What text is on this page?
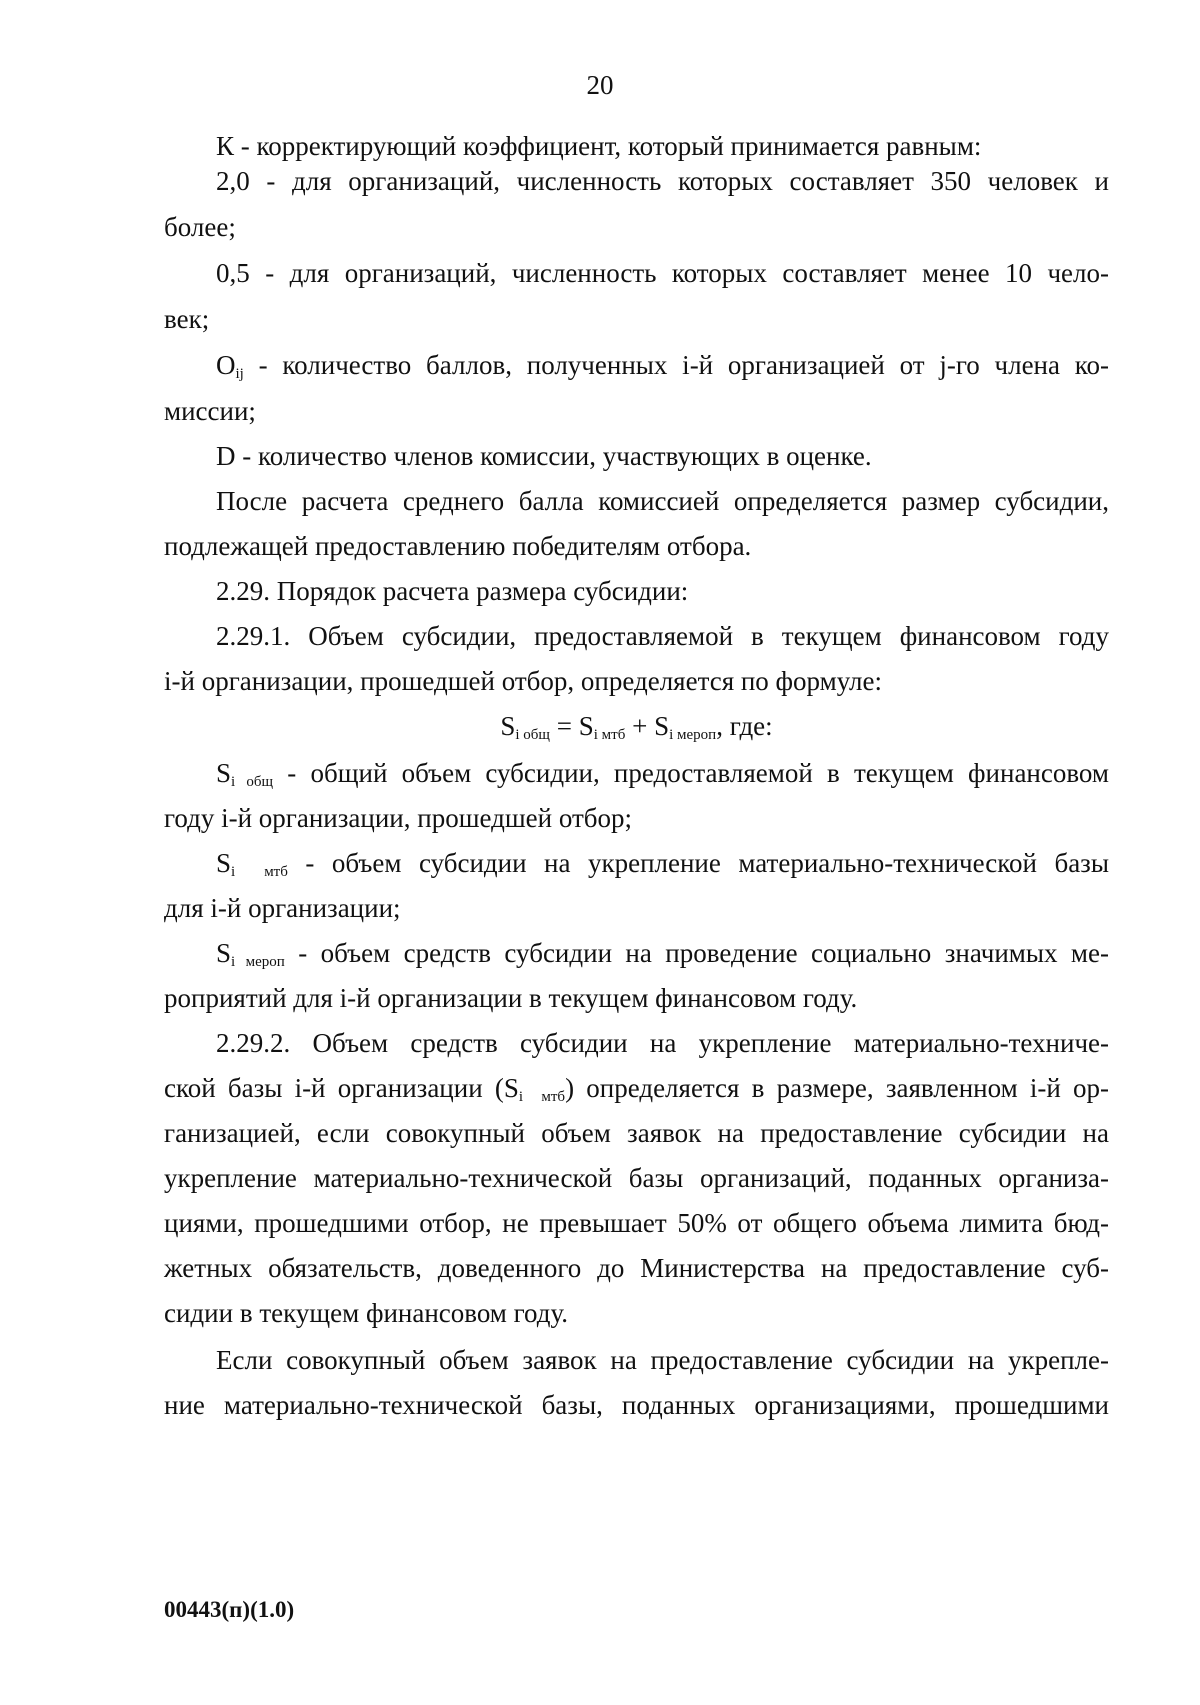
20

К - корректирующий коэффициент, который принимается равным:

2,0 - для организаций, численность которых составляет 350 человек и

более;

0,5 - для организаций, численность которых составляет менее 10 чело-

век;

$O_{ij}$ - количество баллов, полученных i-й организацией от j-го члена ко-

миссии;

D - количество членов комиссии, участвующих в оценке.

После расчета среднего балла комиссией определяется размер субсидии,

подлежащей предоставлению победителям отбора.

2.29. Порядок расчета размера субсидии:

2.29.1. Объем субсидии, предоставляемой в текущем финансовом году

i-й организации, прошедшей отбор, определяется по формуле:

$S_{i общ} = S_{i мтб} + S_{i мероп}$, где:

$S_{i общ}$ - общий объем субсидии, предоставляемой в текущем финансовом

году i-й организации, прошедшей отбор;

$S_{i мтб}$ - объем субсидии на укрепление материально-технической базы

для i-й организации;

$S_{i мероп}$ - объем средств субсидии на проведение социально значимых ме-

роприятий для i-й организации в текущем финансовом году.

2.29.2. Объем средств субсидии на укрепление материально-техниче-

ской базы i-й организации $(S_{i мтб})$ определяется в размере, заявленном i-й ор-

ганизацией, если совокупный объем заявок на предоставление субсидии на

укрепление материально-технической базы организаций, поданных организа-

циями, прошедшими отбор, не превышает 50% от общего объема лимита бюд-

жетных обязательств, доведенного до Министерства на предоставление суб-

сидии в текущем финансовом году.

Если совокупный объем заявок на предоставление субсидии на укрепле-

ние материально-технической базы, поданных организациями, прошедшими

00443(п)(1.0)
